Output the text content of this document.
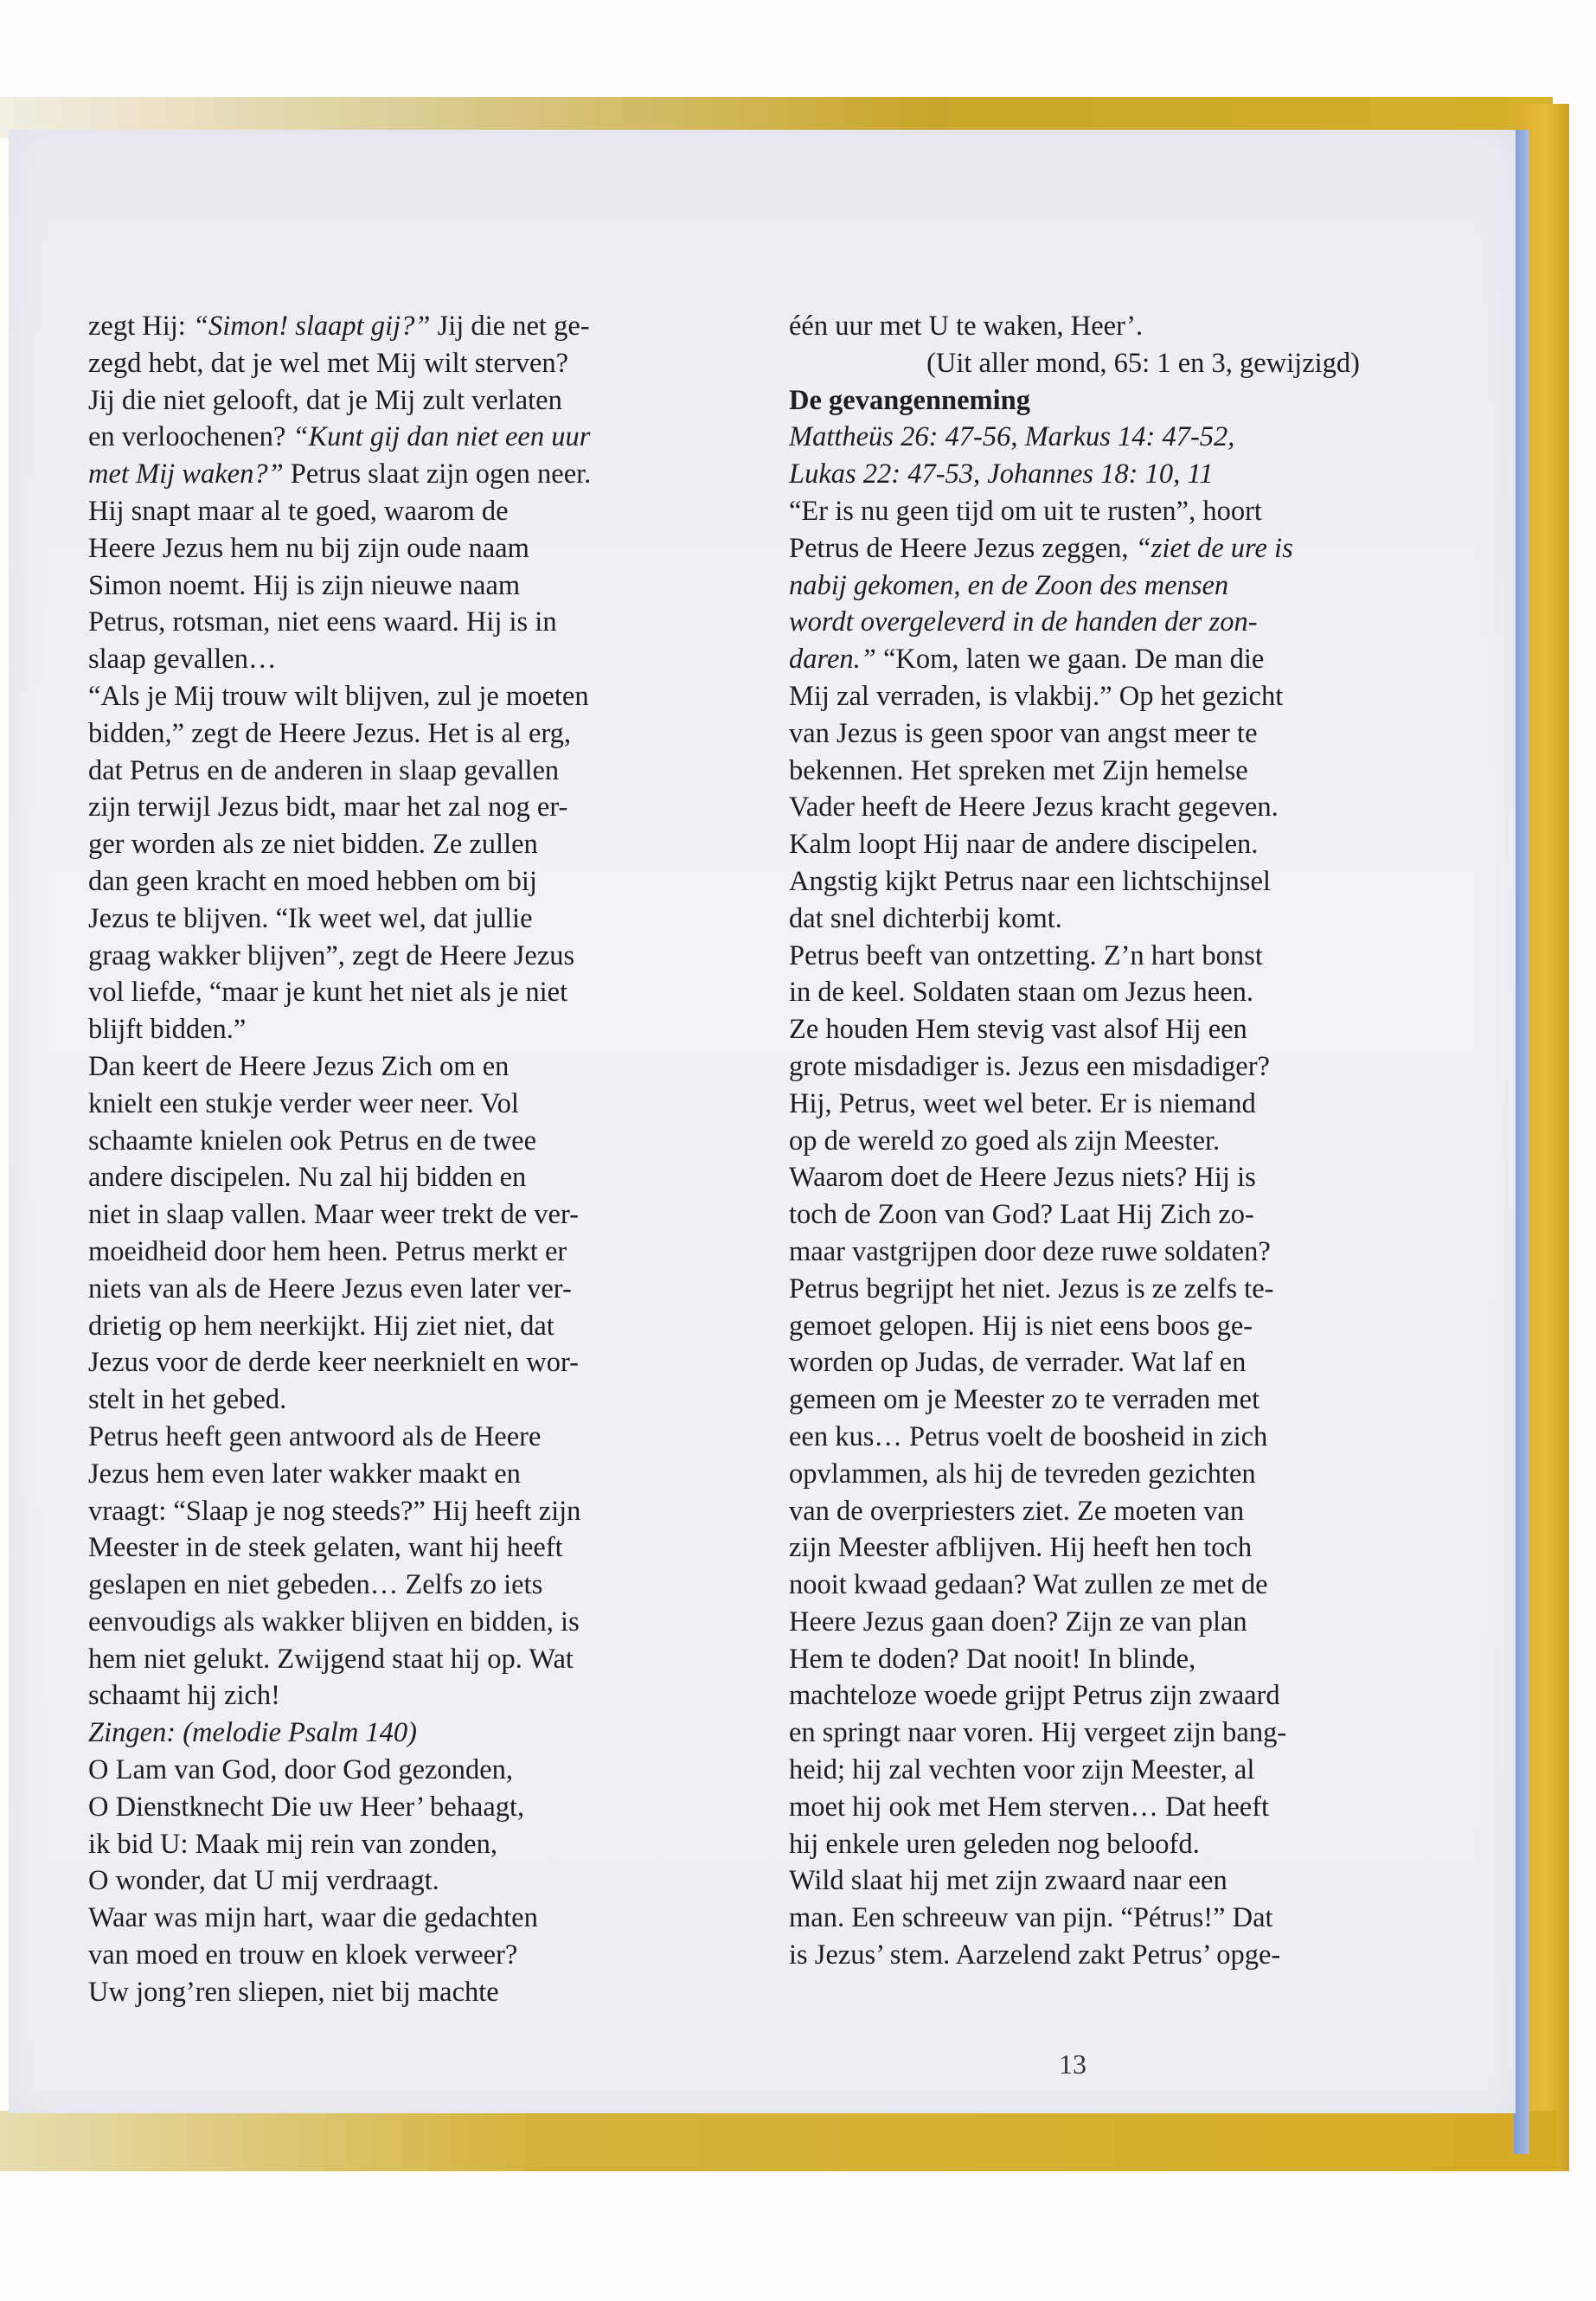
zegt Hij: “Simon! slaapt gij?” Jij die net ge-

zegd hebt, dat je wel met Mij wilt sterven?

Jij die niet gelooft, dat je Mij zult verlaten

en verloochenen? “Kunt gij dan niet een uur

met Mij waken?” Petrus slaat zijn ogen neer.

Hij snapt maar al te goed, waarom de

Heere Jezus hem nu bij zijn oude naam

Simon noemt. Hij is zijn nieuwe naam

Petrus, rotsman, niet eens waard. Hij is in

slaap gevallen…

“Als je Mij trouw wilt blijven, zul je moeten

bidden,” zegt de Heere Jezus. Het is al erg,

dat Petrus en de anderen in slaap gevallen

zijn terwijl Jezus bidt, maar het zal nog er-

ger worden als ze niet bidden. Ze zullen

dan geen kracht en moed hebben om bij

Jezus te blijven. “Ik weet wel, dat jullie

graag wakker blijven”, zegt de Heere Jezus

vol liefde, “maar je kunt het niet als je niet

blijft bidden.”

Dan keert de Heere Jezus Zich om en

knielt een stukje verder weer neer. Vol

schaamte knielen ook Petrus en de twee

andere discipelen. Nu zal hij bidden en

niet in slaap vallen. Maar weer trekt de ver-

moeidheid door hem heen. Petrus merkt er

niets van als de Heere Jezus even later ver-

drietig op hem neerkijkt. Hij ziet niet, dat

Jezus voor de derde keer neerknielt en wor-

stelt in het gebed.

Petrus heeft geen antwoord als de Heere

Jezus hem even later wakker maakt en

vraagt: “Slaap je nog steeds?” Hij heeft zijn

Meester in de steek gelaten, want hij heeft

geslapen en niet gebeden… Zelfs zo iets

eenvoudigs als wakker blijven en bidden, is

hem niet gelukt. Zwijgend staat hij op. Wat

schaamt hij zich!

Zingen: (melodie Psalm 140)

O Lam van God, door God gezonden,

O Dienstknecht Die uw Heer’ behaagt,

ik bid U: Maak mij rein van zonden,

O wonder, dat U mij verdraagt.

Waar was mijn hart, waar die gedachten

van moed en trouw en kloek verweer?

Uw jong’ren sliepen, niet bij machte

één uur met U te waken, Heer’.

(Uit aller mond, 65: 1 en 3, gewijzigd)

De gevangenneming

Mattheüs 26: 47-56, Markus 14: 47-52,

Lukas 22: 47-53, Johannes 18: 10, 11

“Er is nu geen tijd om uit te rusten”, hoort

Petrus de Heere Jezus zeggen, “ziet de ure is

nabij gekomen, en de Zoon des mensen

wordt overgeleverd in de handen der zon-

daren.” “Kom, laten we gaan. De man die

Mij zal verraden, is vlakbij.” Op het gezicht

van Jezus is geen spoor van angst meer te

bekennen. Het spreken met Zijn hemelse

Vader heeft de Heere Jezus kracht gegeven.

Kalm loopt Hij naar de andere discipelen.

Angstig kijkt Petrus naar een lichtschijnsel

dat snel dichterbij komt.

Petrus beeft van ontzetting. Z’n hart bonst

in de keel. Soldaten staan om Jezus heen.

Ze houden Hem stevig vast alsof Hij een

grote misdadiger is. Jezus een misdadiger?

Hij, Petrus, weet wel beter. Er is niemand

op de wereld zo goed als zijn Meester.

Waarom doet de Heere Jezus niets? Hij is

toch de Zoon van God? Laat Hij Zich zo-

maar vastgrijpen door deze ruwe soldaten?

Petrus begrijpt het niet. Jezus is ze zelfs te-

gemoet gelopen. Hij is niet eens boos ge-

worden op Judas, de verrader. Wat laf en

gemeen om je Meester zo te verraden met

een kus… Petrus voelt de boosheid in zich

opvlammen, als hij de tevreden gezichten

van de overpriesters ziet. Ze moeten van

zijn Meester afblijven. Hij heeft hen toch

nooit kwaad gedaan? Wat zullen ze met de

Heere Jezus gaan doen? Zijn ze van plan

Hem te doden? Dat nooit! In blinde,

machteloze woede grijpt Petrus zijn zwaard

en springt naar voren. Hij vergeet zijn bang-

heid; hij zal vechten voor zijn Meester, al

moet hij ook met Hem sterven… Dat heeft

hij enkele uren geleden nog beloofd.

Wild slaat hij met zijn zwaard naar een

man. Een schreeuw van pijn. “Pétrus!” Dat

is Jezus’ stem. Aarzelend zakt Petrus’ opge-

13
